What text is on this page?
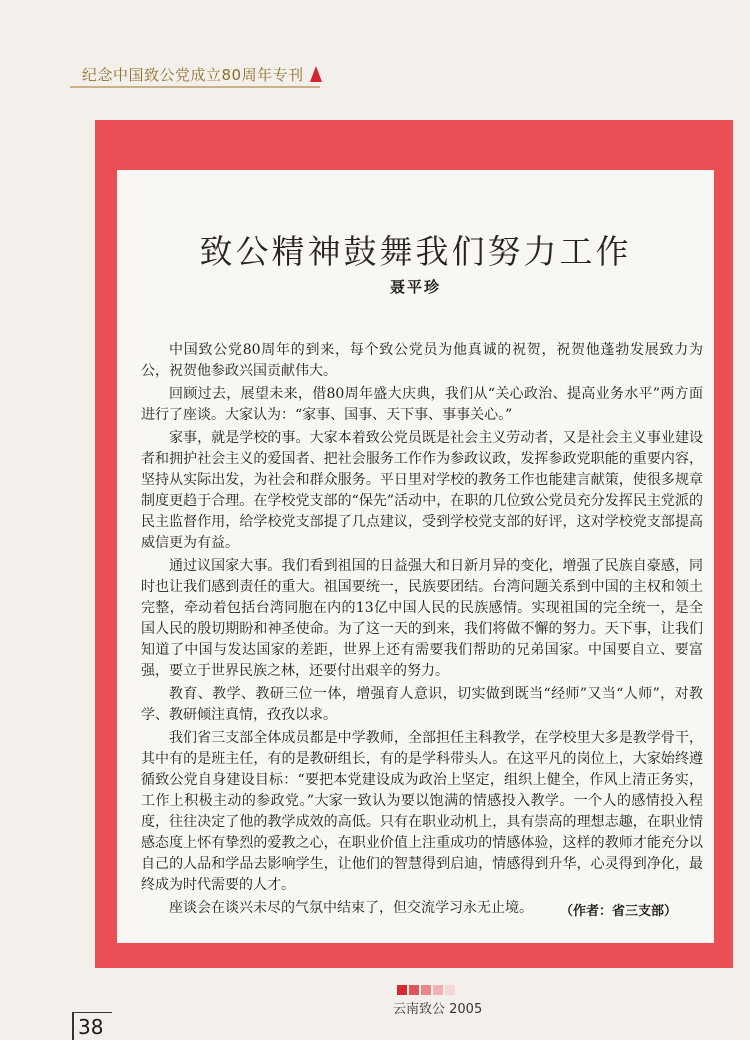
纪念中国致公党成立80周年专刊
致公精神鼓舞我们努力工作
聂平珍

中国致公党80周年的到来，每个致公党员为他真诚的祝贺，祝贺他蓬勃发展致力为公，祝贺他参政兴国贡献伟大。

回顾过去，展望未来，借80周年盛大庆典，我们从“关心政治、提高业务水平”两方面进行了座谈。大家认为：“家事、国事、天下事、事事关心。”

家事，就是学校的事。大家本着致公党员既是社会主义劳动者，又是社会主义事业建设者和拥护社会主义的爱国者、把社会服务工作作为参政议政，发挥参政党职能的重要内容，坚持从实际出发，为社会和群众服务。平日里对学校的教务工作也能建言献策，使很多规章制度更趋于合理。在学校党支部的“保先”活动中，在职的几位致公党员充分发挥民主党派的民主监督作用，给学校党支部提了几点建议，受到学校党支部的好评，这对学校党支部提高威信更为有益。

通过议国家大事。我们看到祖国的日益强大和日新月异的变化，增强了民族自豪感，同时也让我们感到责任的重大。祖国要统一，民族要团结。台湾问题关系到中国的主权和领土完整，牵动着包括台湾同胞在内的13亿中国人民的民族感情。实现祖国的完全统一，是全国人民的殷切期盼和神圣使命。为了这一天的到来，我们将做不懈的努力。天下事，让我们知道了中国与发达国家的差距，世界上还有需要我们帮助的兄弟国家。中国要自立、要富强，要立于世界民族之林，还要付出艰辛的努力。

教育、教学、教研三位一体，增强育人意识，切实做到既当“经师”又当“人师”，对教学、教研倾注真情，孜孜以求。

我们省三支部全体成员都是中学教师，全部担任主科教学，在学校里大多是教学骨干，其中有的是班主任，有的是教研组长，有的是学科带头人。在这平凡的岗位上，大家始终遵循致公党自身建设目标：“要把本党建设成为政治上坚定，组织上健全，作风上清正务实，工作上积极主动的参政党。”大家一致认为要以饱满的情感投入教学。一个人的感情投入程度，往往决定了他的教学成效的高低。只有在职业动机上，具有崇高的理想志趣，在职业情感态度上怀有挚烈的爱教之心，在职业价值上注重成功的情感体验，这样的教师才能充分以自己的人品和学品去影响学生，让他们的智慧得到启迪，情感得到升华，心灵得到净化，最终成为时代需要的人才。

座谈会在谈兴未尽的气氛中结束了，但交流学习永无止境。	（作者：省三支部）
云南致公 2005
38
